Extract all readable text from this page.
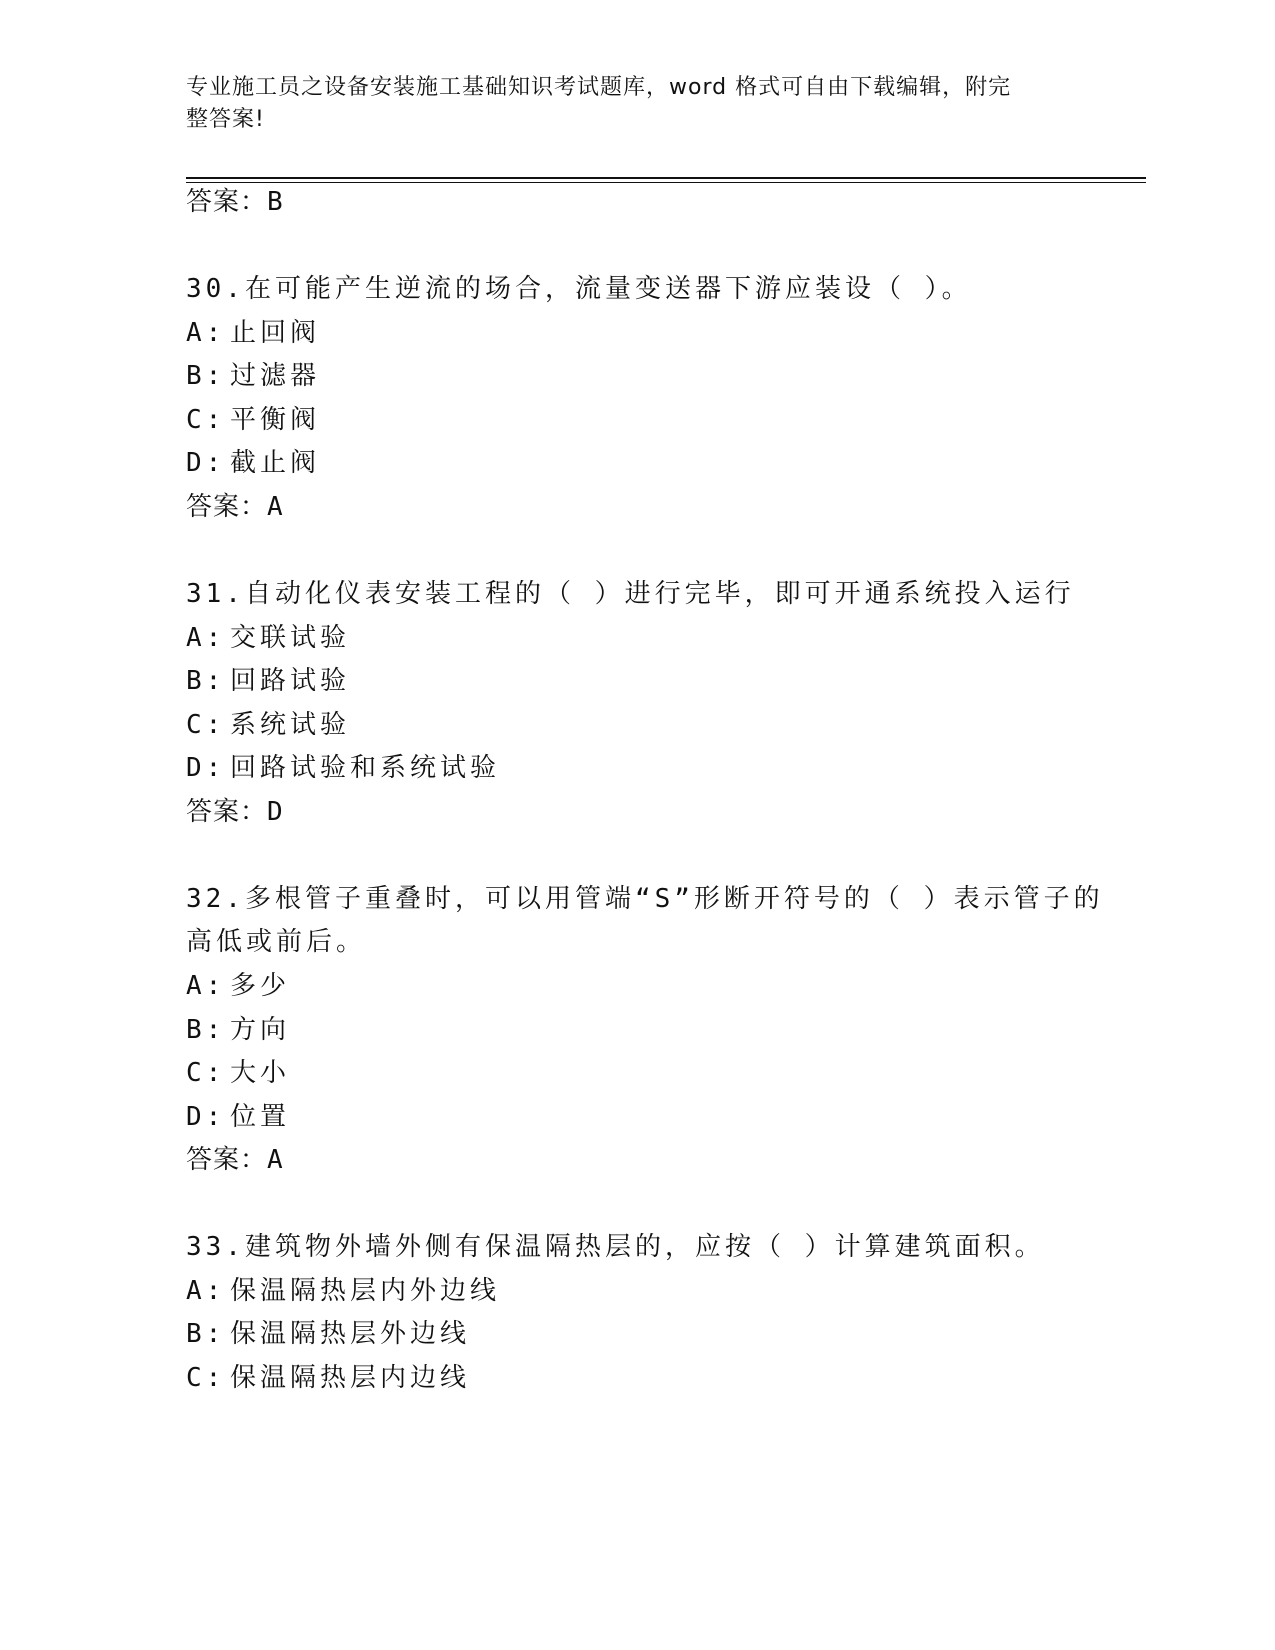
专业施工员之设备安装施工基础知识考试题库，word 格式可自由下载编辑，附完
整答案!
答案：B
30.在可能产生逆流的场合，流量变送器下游应装设（ ）。
A: 止回阀
B: 过滤器
C: 平衡阀
D: 截止阀
答案：A
31.自动化仪表安装工程的（ ）进行完毕，即可开通系统投入运行
A: 交联试验
B: 回路试验
C: 系统试验
D: 回路试验和系统试验
答案：D
32.多根管子重叠时，可以用管端“S”形断开符号的（ ）表示管子的
高低或前后。
A: 多少
B: 方向
C: 大小
D: 位置
答案：A
33.建筑物外墙外侧有保温隔热层的，应按（ ）计算建筑面积。
A: 保温隔热层内外边线
B: 保温隔热层外边线
C: 保温隔热层内边线
